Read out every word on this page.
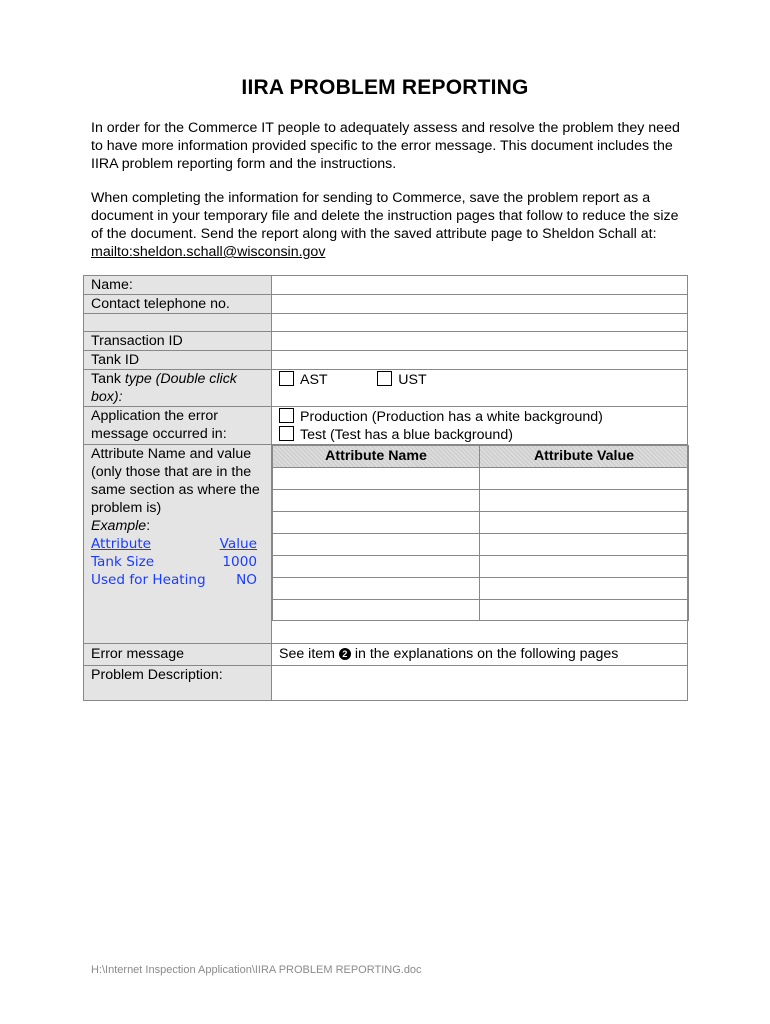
IIRA PROBLEM REPORTING

In order for the Commerce IT people to adequately assess and resolve the problem they need to have more information provided specific to the error message. This document includes the IIRA problem reporting form and the instructions.

When completing the information for sending to Commerce, save the problem report as a document in your temporary file and delete the instruction pages that follow to reduce the size of the document. Send the report along with the saved attribute page to Sheldon Schall at: mailto:sheldon.schall@wisconsin.gov

Name:	
Contact telephone no.	

Transaction ID	
Tank ID	
Tank type (Double click box):	
AST	UST

Application the error message occurred in:	
Production (Production has a white background)
Test (Test has a blue background)

Attribute Name and value (only those that are in the same section as where the problem is)
Example:
Attribute	Value
Tank Size	1000
Used for Heating NO

Attribute Name	Attribute Value

Error message	See item 2 in the explanations on the following pages
Problem Description:	
H:\Internet Inspection Application\IIRA PROBLEM REPORTING.doc
